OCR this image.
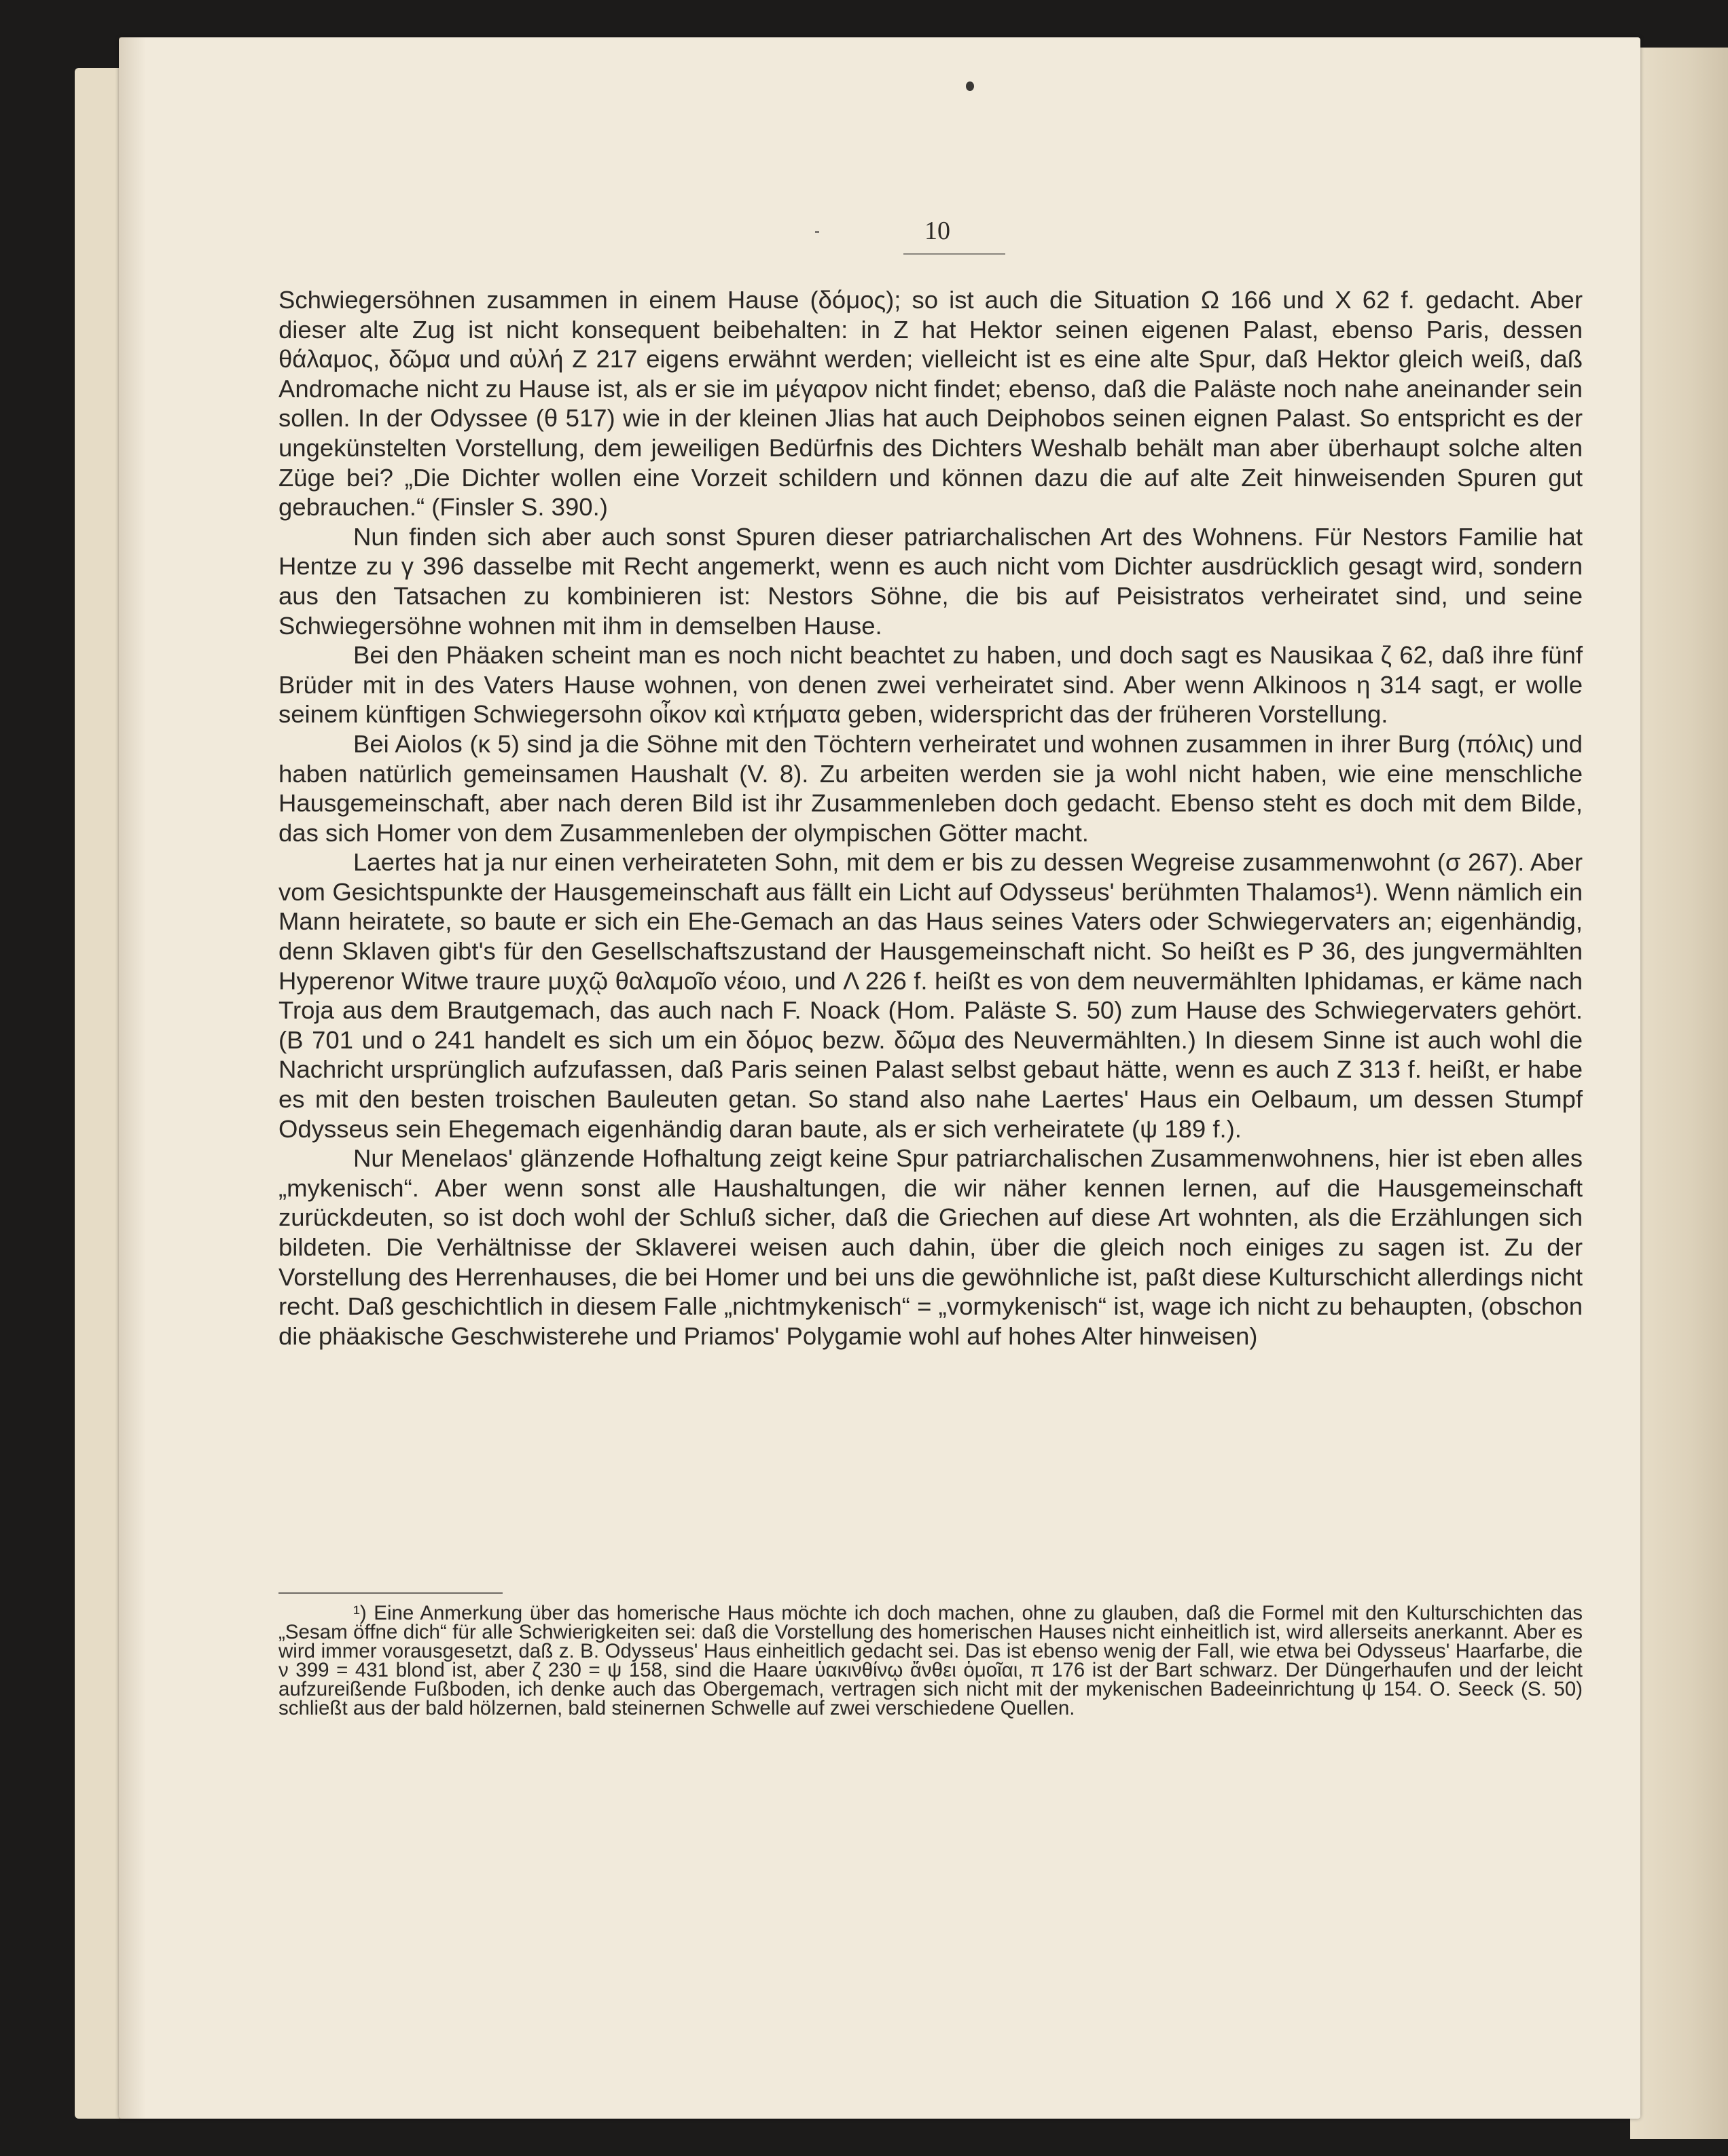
10

Schwiegersöhnen zusammen in einem Hause (δόμος); so ist auch die Situation Ω 166 und X 62 f. gedacht. Aber dieser alte Zug ist nicht konsequent beibehalten: in Z hat Hektor seinen eigenen Palast, ebenso Paris, dessen θάλαμος, δῶμα und αὐλή Z 217 eigens erwähnt werden; vielleicht ist es eine alte Spur, daß Hektor gleich weiß, daß Andromache nicht zu Hause ist, als er sie im μέγαρον nicht findet; ebenso, daß die Paläste noch nahe aneinander sein sollen. In der Odyssee (θ 517) wie in der kleinen Jlias hat auch Deiphobos seinen eignen Palast. So entspricht es der ungekünstelten Vorstellung, dem jeweiligen Bedürfnis des Dichters Weshalb behält man aber überhaupt solche alten Züge bei? „Die Dichter wollen eine Vorzeit schildern und können dazu die auf alte Zeit hinweisenden Spuren gut gebrauchen.“ (Finsler S. 390.)

Nun finden sich aber auch sonst Spuren dieser patriarchalischen Art des Wohnens. Für Nestors Familie hat Hentze zu γ 396 dasselbe mit Recht angemerkt, wenn es auch nicht vom Dichter ausdrücklich gesagt wird, sondern aus den Tatsachen zu kombinieren ist: Nestors Söhne, die bis auf Peisistratos verheiratet sind, und seine Schwiegersöhne wohnen mit ihm in demselben Hause.

Bei den Phäaken scheint man es noch nicht beachtet zu haben, und doch sagt es Nausikaa ζ 62, daß ihre fünf Brüder mit in des Vaters Hause wohnen, von denen zwei verheiratet sind. Aber wenn Alkinoos η 314 sagt, er wolle seinem künftigen Schwiegersohn οἶκον καὶ κτήματα geben, widerspricht das der früheren Vorstellung.

Bei Aiolos (κ 5) sind ja die Söhne mit den Töchtern verheiratet und wohnen zusammen in ihrer Burg (πόλις) und haben natürlich gemeinsamen Haushalt (V. 8). Zu arbeiten werden sie ja wohl nicht haben, wie eine menschliche Hausgemeinschaft, aber nach deren Bild ist ihr Zusammenleben doch gedacht. Ebenso steht es doch mit dem Bilde, das sich Homer von dem Zusammenleben der olympischen Götter macht.

Laertes hat ja nur einen verheirateten Sohn, mit dem er bis zu dessen Wegreise zusammenwohnt (σ 267). Aber vom Gesichtspunkte der Hausgemeinschaft aus fällt ein Licht auf Odysseus' berühmten Thalamos¹). Wenn nämlich ein Mann heiratete, so baute er sich ein Ehe-Gemach an das Haus seines Vaters oder Schwiegervaters an; eigenhändig, denn Sklaven gibt's für den Gesellschaftszustand der Hausgemeinschaft nicht. So heißt es P 36, des jungvermählten Hyperenor Witwe traure μυχῷ θαλαμοῖο νέοιο, und Λ 226 f. heißt es von dem neuvermählten Iphidamas, er käme nach Troja aus dem Brautgemach, das auch nach F. Noack (Hom. Paläste S. 50) zum Hause des Schwiegervaters gehört. (B 701 und ο 241 handelt es sich um ein δόμος bezw. δῶμα des Neuvermählten.) In diesem Sinne ist auch wohl die Nachricht ursprünglich aufzufassen, daß Paris seinen Palast selbst gebaut hätte, wenn es auch Z 313 f. heißt, er habe es mit den besten troischen Bauleuten getan. So stand also nahe Laertes' Haus ein Oelbaum, um dessen Stumpf Odysseus sein Ehegemach eigenhändig daran baute, als er sich verheiratete (ψ 189 f.).

Nur Menelaos' glänzende Hofhaltung zeigt keine Spur patriarchalischen Zusammenwohnens, hier ist eben alles „mykenisch“. Aber wenn sonst alle Haushaltungen, die wir näher kennen lernen, auf die Hausgemeinschaft zurückdeuten, so ist doch wohl der Schluß sicher, daß die Griechen auf diese Art wohnten, als die Erzählungen sich bildeten. Die Verhältnisse der Sklaverei weisen auch dahin, über die gleich noch einiges zu sagen ist. Zu der Vorstellung des Herrenhauses, die bei Homer und bei uns die gewöhnliche ist, paßt diese Kulturschicht allerdings nicht recht. Daß geschichtlich in diesem Falle „nichtmykenisch“ = „vormykenisch“ ist, wage ich nicht zu behaupten, (obschon die phäakische Geschwisterehe und Priamos' Polygamie wohl auf hohes Alter hinweisen)

¹) Eine Anmerkung über das homerische Haus möchte ich doch machen, ohne zu glauben, daß die Formel mit den Kulturschichten das „Sesam öffne dich“ für alle Schwierigkeiten sei: daß die Vorstellung des homerischen Hauses nicht einheitlich ist, wird allerseits anerkannt. Aber es wird immer vorausgesetzt, daß z. B. Odysseus' Haus einheitlich gedacht sei. Das ist ebenso wenig der Fall, wie etwa bei Odysseus' Haarfarbe, die ν 399 = 431 blond ist, aber ζ 230 = ψ 158, sind die Haare ὑακινθίνῳ ἄνθει ὁμοῖαι, π 176 ist der Bart schwarz. Der Düngerhaufen und der leicht aufzureißende Fußboden, ich denke auch das Obergemach, vertragen sich nicht mit der mykenischen Badeeinrichtung ψ 154. O. Seeck (S. 50) schließt aus der bald hölzernen, bald steinernen Schwelle auf zwei verschiedene Quellen.
